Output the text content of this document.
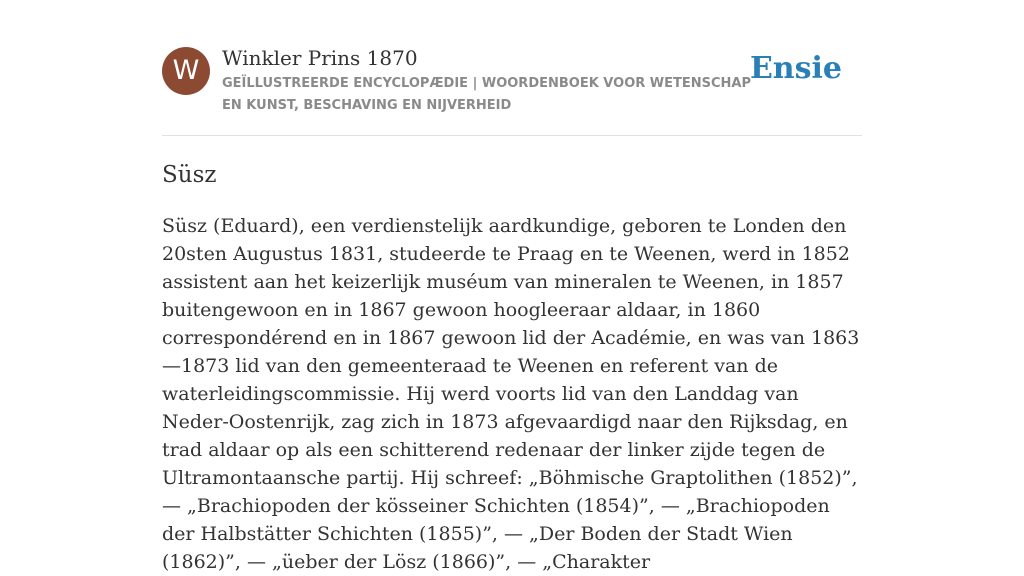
W	Winkler Prins 1870
GEÏLLUSTREERDE ENCYCLOPÆDIE | WOORDENBOEK VOOR WETENSCHAP EN KUNST, BESCHAVING EN NIJVERHEID
Ensie
Süsz

Süsz (Eduard), een verdienstelijk aardkundige, geboren te Londen den 20sten Augustus 1831, studeerde te Praag en te Weenen, werd in 1852 assistent aan het keizerlijk muséum van mineralen te Weenen, in 1857 buitengewoon en in 1867 gewoon hoogleeraar aldaar, in 1860 correspondérend en in 1867 gewoon lid der Académie, en was van 1863—1873 lid van den gemeenteraad te Weenen en referent van de waterleidingscommissie. Hij werd voorts lid van den Landdag van Neder-Oostenrijk, zag zich in 1873 afgevaardigd naar den Rijksdag, en trad aldaar op als een schitterend redenaar der linker zijde tegen de Ultramontaansche partij. Hij schreef: „Böhmische Graptolithen (1852)”, — „Brachiopoden der kösseiner Schichten (1854)”, — „Brachiopoden der Halbstätter Schichten (1855)”, — „Der Boden der Stadt Wien (1862)”, — „üeber der Lösz (1866)”, — „Charakter
